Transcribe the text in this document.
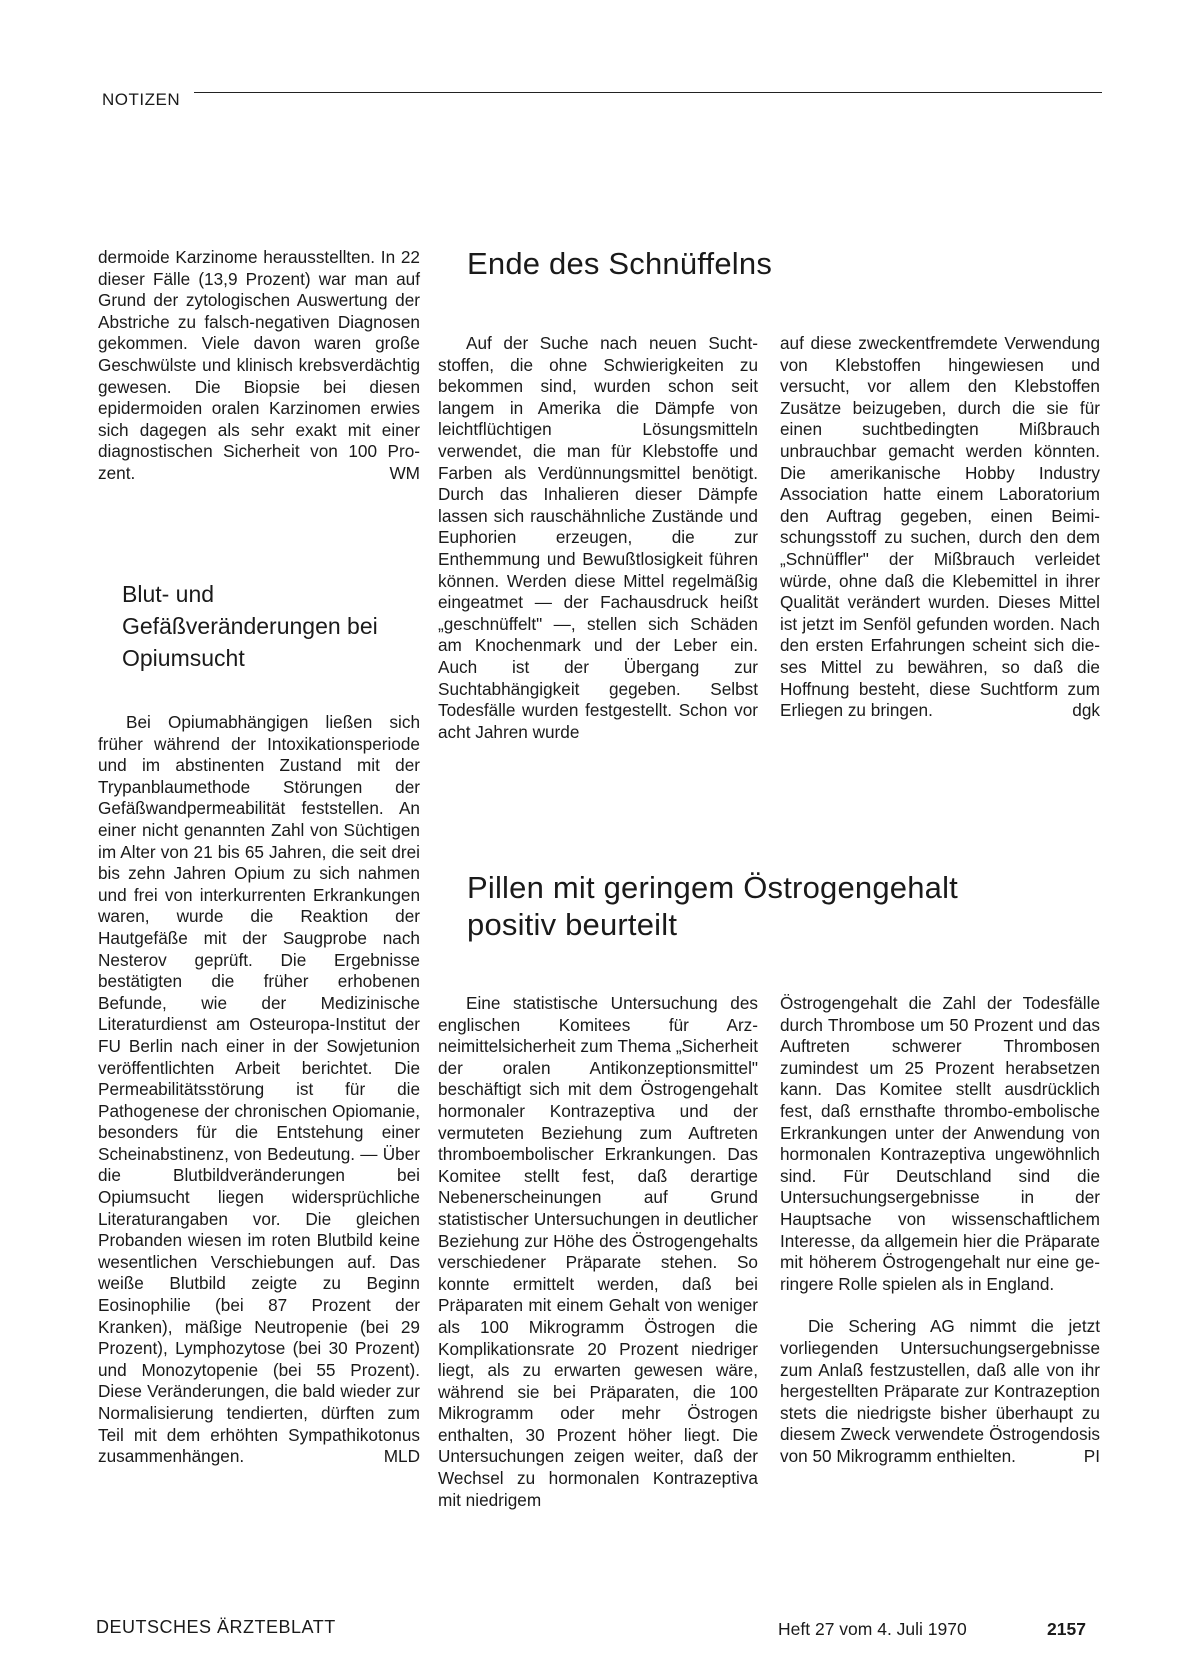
NOTIZEN

dermoide Karzinome herausstellten. In 22 dieser Fälle (13,9 Prozent) war man auf Grund der zytologischen Auswertung der Abstriche zu falsch-negativen Diagnosen gekommen. Viele davon waren große Geschwülste und klinisch krebsverdächtig gewesen. Die Biopsie bei diesen epidermoiden oralen Karzinomen erwies sich dagegen als sehr exakt mit einer diagnostischen Sicherheit von 100 Prozent.	WM

Blut- und Gefäßveränderungen bei Opiumsucht

Bei Opiumabhängigen ließen sich früher während der Intoxikationsperiode und im abstinenten Zustand mit der Trypanblaumethode Störungen der Gefäßwandpermeabilität feststellen. An einer nicht genannten Zahl von Süchtigen im Alter von 21 bis 65 Jahren, die seit drei bis zehn Jahren Opium zu sich nahmen und frei von interkurrenten Erkrankungen waren, wurde die Reaktion der Hautgefäße mit der Saugprobe nach Nesterov geprüft. Die Ergebnisse bestätigten die früher erhobenen Befunde, wie der Medizinische Literaturdienst am Osteuropa-Institut der FU Berlin nach einer in der Sowjetunion veröffentlichten Arbeit berichtet. Die Permeabilitätsstörung ist für die Pathogenese der chronischen Opiomanie, besonders für die Entstehung einer Scheinabstinenz, von Bedeutung. — Über die Blutbildveränderungen bei Opiumsucht liegen widersprüchliche Literaturangaben vor. Die gleichen Probanden wiesen im roten Blutbild keine wesentlichen Verschiebungen auf. Das weiße Blutbild zeigte zu Beginn Eosinophilie (bei 87 Prozent der Kranken), mäßige Neutropenie (bei 29 Prozent), Lymphozytose (bei 30 Prozent) und Monozytopenie (bei 55 Prozent). Diese Veränderungen, die bald wieder zur Normalisierung tendierten, dürften zum Teil mit dem erhöhten Sympathikotonus zusammenhängen.	MLD

Ende des Schnüffelns

Auf der Suche nach neuen Suchtstoffen, die ohne Schwierigkeiten zu bekommen sind, wurden schon seit langem in Amerika die Dämpfe von leichtflüchtigen Lösungsmitteln verwendet, die man für Klebstoffe und Farben als Verdünnungsmittel benötigt. Durch das Inhalieren dieser Dämpfe lassen sich rauschähnliche Zustände und Euphorien erzeugen, die zur Enthemmung und Bewußtlosigkeit führen können. Werden diese Mittel regelmäßig eingeatmet — der Fachausdruck heißt „geschnüffelt" —, stellen sich Schäden am Knochenmark und der Leber ein. Auch ist der Übergang zur Suchtabhängigkeit gegeben. Selbst Todesfälle wurden festgestellt. Schon vor acht Jahren wurde

auf diese zweckentfremdete Verwendung von Klebstoffen hingewiesen und versucht, vor allem den Klebstoffen Zusätze beizugeben, durch die sie für einen suchtbedingten Mißbrauch unbrauchbar gemacht werden könnten. Die amerikanische Hobby Industry Association hatte einem Laboratorium den Auftrag gegeben, einen Beimischungsstoff zu suchen, durch den dem „Schnüffler" der Mißbrauch verleidet würde, ohne daß die Klebemittel in ihrer Qualität verändert wurden. Dieses Mittel ist jetzt im Senföl gefunden worden. Nach den ersten Erfahrungen scheint sich dieses Mittel zu bewähren, so daß die Hoffnung besteht, diese Suchtform zum Erliegen zu bringen.	dgk

Pillen mit geringem Östrogengehalt
positiv beurteilt

Eine statistische Untersuchung des englischen Komitees für Arzneimittelsicherheit zum Thema „Sicherheit der oralen Antikonzeptionsmittel" beschäftigt sich mit dem Östrogengehalt hormonaler Kontrazeptiva und der vermuteten Beziehung zum Auftreten thromboembolischer Erkrankungen. Das Komitee stellt fest, daß derartige Nebenerscheinungen auf Grund statistischer Untersuchungen in deutlicher Beziehung zur Höhe des Östrogengehalts verschiedener Präparate stehen. So konnte ermittelt werden, daß bei Präparaten mit einem Gehalt von weniger als 100 Mikrogramm Östrogen die Komplikationsrate 20 Prozent niedriger liegt, als zu erwarten gewesen wäre, während sie bei Präparaten, die 100 Mikrogramm oder mehr Östrogen enthalten, 30 Prozent höher liegt. Die Untersuchungen zeigen weiter, daß der Wechsel zu hormonalen Kontrazeptiva mit niedrigem

Östrogengehalt die Zahl der Todesfälle durch Thrombose um 50 Prozent und das Auftreten schwerer Thrombosen zumindest um 25 Prozent herabsetzen kann. Das Komitee stellt ausdrücklich fest, daß ernsthafte thrombo-embolische Erkrankungen unter der Anwendung von hormonalen Kontrazeptiva ungewöhnlich sind. Für Deutschland sind die Untersuchungsergebnisse in der Hauptsache von wissenschaftlichem Interesse, da allgemein hier die Präparate mit höherem Östrogengehalt nur eine geringere Rolle spielen als in England.

Die Schering AG nimmt die jetzt vorliegenden Untersuchungsergebnisse zum Anlaß festzustellen, daß alle von ihr hergestellten Präparate zur Kontrazeption stets die niedrigste bisher überhaupt zu diesem Zweck verwendete Östrogendosis von 50 Mikrogramm enthielten.	PI

DEUTSCHES ÄRZTEBLATT	Heft 27 vom 4. Juli 1970	2157
